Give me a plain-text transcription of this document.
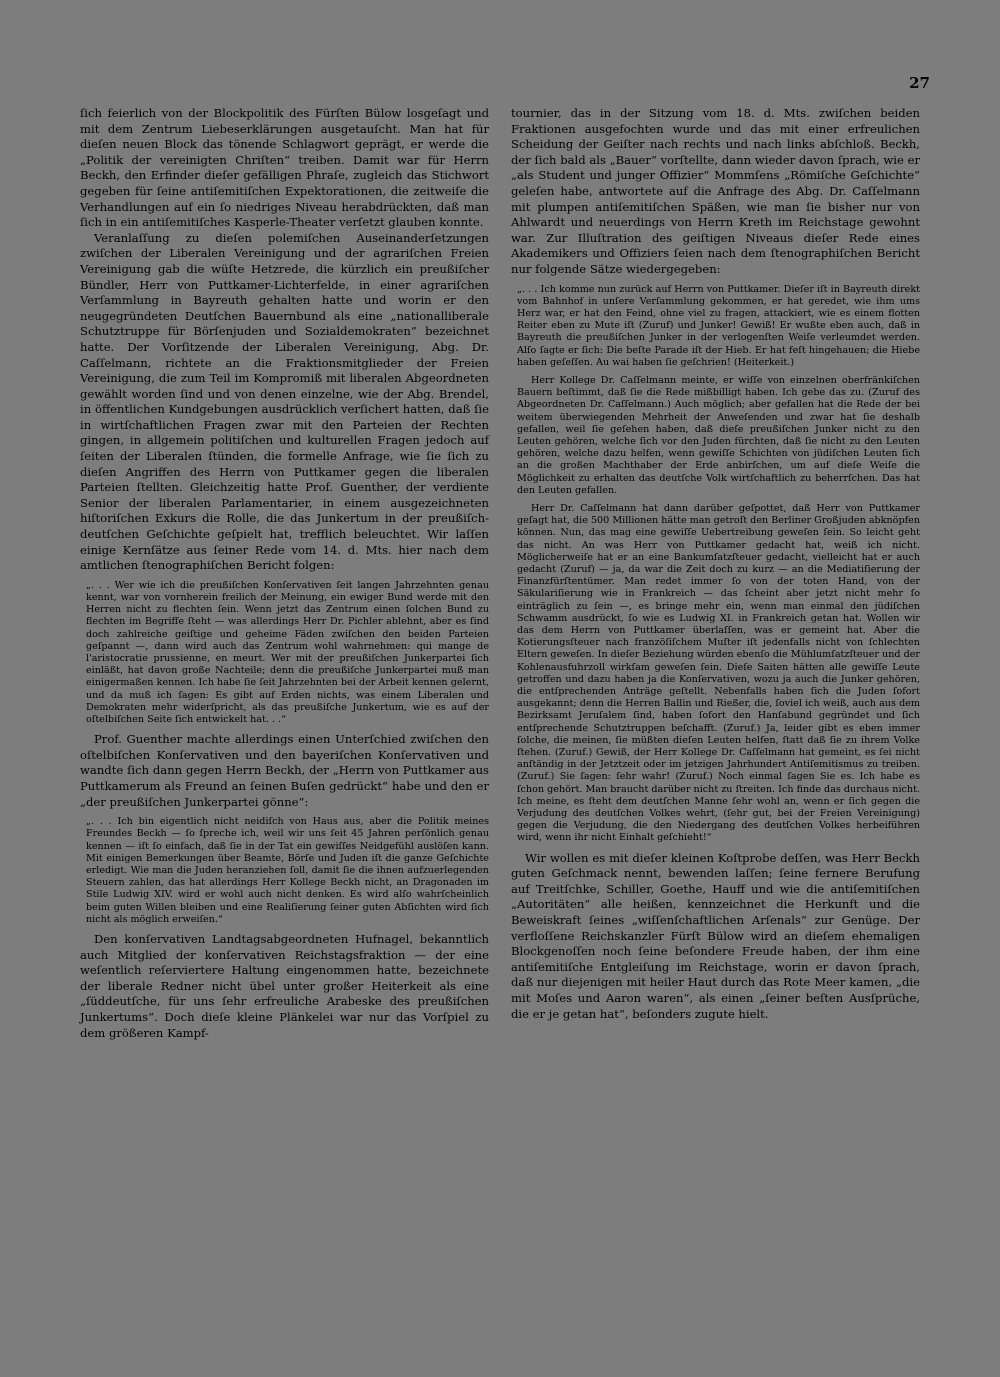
27

ſich feierlich von der Blockpolitik des Fürſten Bülow losgeſagt und mit dem Zentrum Liebeserklärungen ausgetauſcht. Man hat für dieſen neuen Block das tönende Schlagwort geprägt, er werde die „Politik der vereinigten Chriſten“ treiben. Damit war für Herrn Beckh, den Erfinder dieſer gefälligen Phraſe, zugleich das Stichwort gegeben für ſeine antiſemitiſchen Expektorationen, die zeitweiſe die Verhandlungen auf ein ſo niedriges Niveau herabdrückten, daß man ſich in ein antiſemitiſches Kasperle-Theater verſetzt glauben konnte.

Veranlaſſung zu dieſen polemiſchen Auseinanderſetzungen zwiſchen der Liberalen Vereinigung und der agrariſchen Freien Vereinigung gab die wüſte Hetzrede, die kürzlich ein preußiſcher Bündler, Herr von Puttkamer-Lichterfelde, in einer agrariſchen Verſammlung in Bayreuth gehalten hatte und worin er den neugegründeten Deutſchen Bauernbund als eine „nationalliberale Schutztruppe für Börſenjuden und Sozialdemokraten“ bezeichnet hatte. Der Vorſitzende der Liberalen Vereinigung, Abg. Dr. Caſſelmann, richtete an die Fraktionsmitglieder der Freien Vereinigung, die zum Teil im Kompromiß mit liberalen Abgeordneten gewählt worden ſind und von denen einzelne, wie der Abg. Brendel, in öffentlichen Kundgebungen ausdrücklich verſichert hatten, daß ſie in wirtſchaftlichen Fragen zwar mit den Parteien der Rechten gingen, in allgemein politiſchen und kulturellen Fragen jedoch auf ſeiten der Liberalen ſtünden, die formelle Anfrage, wie ſie ſich zu dieſen Angriffen des Herrn von Puttkamer gegen die liberalen Parteien ſtellten. Gleichzeitig hatte Prof. Guenther, der verdiente Senior der liberalen Parlamentarier, in einem ausgezeichneten hiſtoriſchen Exkurs die Rolle, die das Junkertum in der preußiſch-deutſchen Geſchichte geſpielt hat, trefflich beleuchtet. Wir laſſen einige Kernſätze aus ſeiner Rede vom 14. d. Mts. hier nach dem amtlichen ſtenographiſchen Bericht folgen:

„. . . Wer wie ich die preußiſchen Konſervativen ſeit langen Jahrzehnten genau kennt, war von vornherein freilich der Meinung, ein ewiger Bund werde mit den Herren nicht zu flechten ſein. Wenn jetzt das Zentrum einen ſolchen Bund zu flechten im Begriffe ſteht — was allerdings Herr Dr. Pichler ablehnt, aber es ſind doch zahlreiche geiſtige und geheime Fäden zwiſchen den beiden Parteien geſpannt —, dann wird auch das Zentrum wohl wahrnehmen: qui mange de l'aristocratie prussienne, en meurt. Wer mit der preußiſchen Junkerpartei ſich einläßt, hat davon große Nachteile; denn die preußiſche Junkerpartei muß man einigermaßen kennen. Ich habe ſie ſeit Jahrzehnten bei der Arbeit kennen gelernt, und da muß ich ſagen: Es gibt auf Erden nichts, was einem Liberalen und Demokraten mehr widerſpricht, als das preußiſche Junkertum, wie es auf der oſtelbiſchen Seite ſich entwickelt hat. . .“

Prof. Guenther machte allerdings einen Unterſchied zwiſchen den oſtelbiſchen Konſervativen und den bayeriſchen Konſervativen und wandte ſich dann gegen Herrn Beckh, der „Herrn von Puttkamer aus Puttkamerum als Freund an ſeinen Buſen gedrückt“ habe und den er „der preußiſchen Junkerpartei gönne“:

„. . . Ich bin eigentlich nicht neidiſch von Haus aus, aber die Politik meines Freundes Beckh — ſo ſpreche ich, weil wir uns ſeit 45 Jahren perſönlich genau kennen — iſt ſo einfach, daß ſie in der Tat ein gewiſſes Neidgefühl auslöſen kann. Mit einigen Bemerkungen über Beamte, Börſe und Juden iſt die ganze Geſchichte erledigt. Wie man die Juden heranziehen ſoll, damit ſie die ihnen aufzuerlegenden Steuern zahlen, das hat allerdings Herr Kollege Beckh nicht, an Dragonaden im Stile Ludwig XIV. wird er wohl auch nicht denken. Es wird alſo wahrſcheinlich beim guten Willen bleiben und eine Realiſierung ſeiner guten Abſichten wird ſich nicht als möglich erweiſen.“

Den konſervativen Landtagsabgeordneten Hufnagel, bekanntlich auch Mitglied der konſervativen Reichstagsfraktion — der eine weſentlich reſerviertere Haltung eingenommen hatte, bezeichnete der liberale Redner nicht übel unter großer Heiterkeit als eine „ſüddeutſche, für uns ſehr erfreuliche Arabeske des preußiſchen Junkertums“. Doch dieſe kleine Plänkelei war nur das Vorſpiel zu dem größeren Kampf-

tournier, das in der Sitzung vom 18. d. Mts. zwiſchen beiden Fraktionen ausgefochten wurde und das mit einer erfreulichen Scheidung der Geiſter nach rechts und nach links abſchloß. Beckh, der ſich bald als „Bauer“ vorſtellte, dann wieder davon ſprach, wie er „als Student und junger Offizier“ Mommſens „Römiſche Geſchichte“ geleſen habe, antwortete auf die Anfrage des Abg. Dr. Caſſelmann mit plumpen antiſemitiſchen Späßen, wie man ſie bisher nur von Ahlwardt und neuerdings von Herrn Kreth im Reichstage gewohnt war. Zur Illuſtration des geiſtigen Niveaus dieſer Rede eines Akademikers und Offiziers ſeien nach dem ſtenographiſchen Bericht nur folgende Sätze wiedergegeben:

„. . . Ich komme nun zurück auf Herrn von Puttkamer. Dieſer iſt in Bayreuth direkt vom Bahnhof in unſere Verſammlung gekommen, er hat geredet, wie ihm ums Herz war, er hat den Feind, ohne viel zu fragen, attackiert, wie es einem flotten Reiter eben zu Mute iſt (Zuruf) und Junker! Gewiß! Er wußte eben auch, daß in Bayreuth die preußiſchen Junker in der verlogenſten Weiſe verleumdet werden. Alſo ſagte er ſich: Die beſte Parade iſt der Hieb. Er hat feſt hingehauen; die Hiebe haben geſeſſen. Au wai haben ſie geſchrien! (Heiterkeit.)

Herr Kollege Dr. Caſſelmann meinte, er wiſſe von einzelnen oberfränkiſchen Bauern beſtimmt, daß ſie die Rede mißbilligt haben. Ich gebe das zu. (Zuruf des Abgeordneten Dr. Caſſelmann.) Auch möglich; aber gefallen hat die Rede der bei weitem überwiegenden Mehrheit der Anweſenden und zwar hat ſie deshalb gefallen, weil ſie geſehen haben, daß dieſe preußiſchen Junker nicht zu den Leuten gehören, welche ſich vor den Juden fürchten, daß ſie nicht zu den Leuten gehören, welche dazu helfen, wenn gewiſſe Schichten von jüdiſchen Leuten ſich an die großen Machthaber der Erde anbirſchen, um auf dieſe Weiſe die Möglichkeit zu erhalten das deutſche Volk wirtſchaftlich zu beherrſchen. Das hat den Leuten gefallen.

Herr Dr. Caſſelmann hat dann darüber geſpottet, daß Herr von Puttkamer geſagt hat, die 500 Millionen hätte man getroſt den Berliner Großjuden abknöpfen können. Nun, das mag eine gewiſſe Uebertreibung geweſen ſein. So leicht geht das nicht. An was Herr von Puttkamer gedacht hat, weiß ich nicht. Möglicherweiſe hat er an eine Bankumſatzſteuer gedacht, vielleicht hat er auch gedacht (Zuruf) — ja, da war die Zeit doch zu kurz — an die Mediatiſierung der Finanzfürſtentümer. Man redet immer ſo von der toten Hand, von der Säkulariſierung wie in Frankreich — das ſcheint aber jetzt nicht mehr ſo einträglich zu ſein —, es bringe mehr ein, wenn man einmal den jüdiſchen Schwamm ausdrückt, ſo wie es Ludwig XI. in Frankreich getan hat. Wollen wir das dem Herrn von Puttkamer überlaſſen, was er gemeint hat. Aber die Kotierungsſteuer nach franzöſiſchem Muſter iſt jedenfalls nicht von ſchlechten Eltern geweſen. In dieſer Beziehung würden ebenſo die Mühlumſatzſteuer und der Kohlenausfuhrzoll wirkſam geweſen ſein. Dieſe Saiten hätten alle gewiſſe Leute getroffen und dazu haben ja die Konſervativen, wozu ja auch die Junker gehören, die entſprechenden Anträge geſtellt. Nebenfalls haben ſich die Juden ſofort ausgekannt; denn die Herren Ballin und Rießer, die, ſoviel ich weiß, auch aus dem Bezirksamt Jeruſalem ſind, haben ſofort den Hanſabund gegründet und ſich entſprechende Schutztruppen beſchafft. (Zuruf.) Ja, leider gibt es eben immer ſolche, die meinen, ſie müßten dieſen Leuten helfen, ſtatt daß ſie zu ihrem Volke ſtehen. (Zuruf.) Gewiß, der Herr Kollege Dr. Caſſelmann hat gemeint, es ſei nicht anſtändig in der Jetztzeit oder im jetzigen Jahrhundert Antiſemitismus zu treiben. (Zuruf.) Sie ſagen: ſehr wahr! (Zuruf.) Noch einmal ſagen Sie es. Ich habe es ſchon gehört. Man braucht darüber nicht zu ſtreiten. Ich finde das durchaus nicht. Ich meine, es ſteht dem deutſchen Manne ſehr wohl an, wenn er ſich gegen die Verjudung des deutſchen Volkes wehrt, (ſehr gut, bei der Freien Vereinigung) gegen die Verjudung, die den Niedergang des deutſchen Volkes herbeiführen wird, wenn ihr nicht Einhalt geſchieht!“

Wir wollen es mit dieſer kleinen Koſtprobe deſſen, was Herr Beckh guten Geſchmack nennt, bewenden laſſen; ſeine fernere Berufung auf Treitſchke, Schiller, Goethe, Hauff und wie die antiſemitiſchen „Autoritäten“ alle heißen, kennzeichnet die Herkunft und die Beweiskraft ſeines „wiſſenſchaftlichen Arſenals“ zur Genüge. Der verfloſſene Reichskanzler Fürſt Bülow wird an dieſem ehemaligen Blockgenoſſen noch ſeine beſondere Freude haben, der ihm eine antiſemitiſche Entgleiſung im Reichstage, worin er davon ſprach, daß nur diejenigen mit heiler Haut durch das Rote Meer kamen, „die mit Moſes und Aaron waren“, als einen „ſeiner beſten Ausſprüche, die er je getan hat“, beſonders zugute hielt.
